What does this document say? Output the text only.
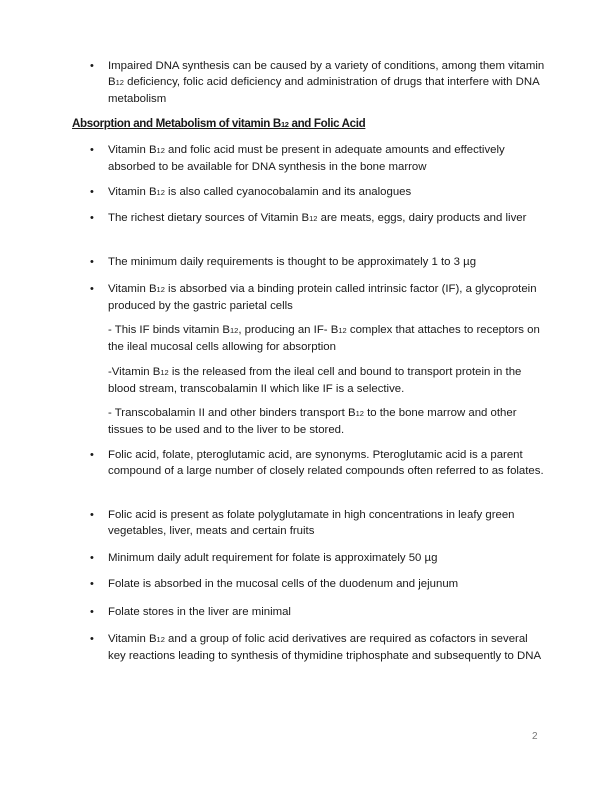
• Impaired DNA synthesis can be caused by a variety of conditions, among them vitamin B12 deficiency, folic acid deficiency and administration of drugs that interfere with DNA metabolism
Absorption and Metabolism of vitamin B12 and Folic Acid
• Vitamin B12 and folic acid must be present in adequate amounts and effectively absorbed to be available for DNA synthesis in the bone marrow
• Vitamin B12 is also called cyanocobalamin and its analogues
• The richest dietary sources of Vitamin B12 are meats, eggs, dairy products and liver
• The minimum daily requirements is thought to be approximately 1 to 3 µg
• Vitamin B12 is absorbed via a binding protein called intrinsic factor (IF), a glycoprotein produced by the gastric parietal cells
- This IF binds vitamin B12, producing an IF- B12 complex that attaches to receptors on the ileal mucosal cells allowing for absorption
-Vitamin B12 is the released from the ileal cell and bound to transport protein in the blood stream, transcobalamin II which like IF is a selective.
- Transcobalamin II and other binders transport B12 to the bone marrow and other tissues to be used and to the liver to be stored.
• Folic acid, folate, pteroglutamic acid, are synonyms. Pteroglutamic acid is a parent compound of a large number of closely related compounds often referred to as folates.
• Folic acid is present as folate polyglutamate in high concentrations in leafy green vegetables, liver, meats and certain fruits
• Minimum daily adult requirement for folate is approximately 50 µg
• Folate is absorbed in the mucosal cells of the duodenum and jejunum
• Folate stores in the liver are minimal
• Vitamin B12 and a group of folic acid derivatives are required as cofactors in several key reactions leading to synthesis of thymidine triphosphate and subsequently to DNA
2
